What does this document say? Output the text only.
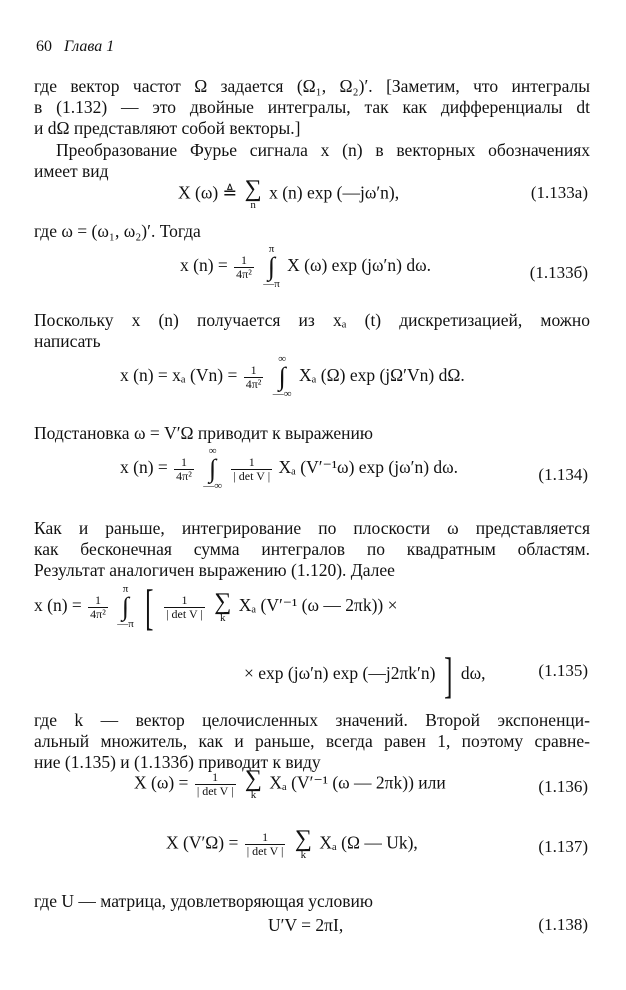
60 Глава 1
где вектор частот Ω задается (Ω₁, Ω₂)′. [Заметим, что интегралы
в (1.132) — это двойные интегралы, так как дифференциалы dt
и dΩ представляют собой векторы.]
Преобразование Фурье сигнала x (n) в векторных обозначениях
имеет вид
X (ω) ≜ ∑
n x (n) exp (—jω′n),	(1.133a)
где ω = (ω₁, ω₂)′. Тогда
x $(n) = \frac{1}{\text{4π²}}$
π
∫
—π X (ω) exp (jω′n) dω.	(1.133б)
Поскольку x (n) получается из xₐ (t) дискретизацией, можно
написать
x (n) = xₐ $(Vn) = \frac{1}{\text{4π²}}$
∞
∫
—∞ Xₐ (Ω) exp (jΩ′Vn) dΩ.
Подстановка ω = V′Ω приводит к выражению
x $(n) = \frac{1}{\text{4π²}}$
∞
∫
—∞
$\frac{1}{\text{| det V |}}$ Xₐ (V′⁻¹ω) exp (jω′n) dω.	(1.134)
Как и раньше, интегрирование по плоскости ω представляется
как бесконечная сумма интегралов по квадратным областям.
Результат аналогичен выражению (1.120). Далее
x $(n) = \frac{1}{\text{4π²}}$
π
∫
—π [ $\frac{1}{\text{| det V |}}$
∑
k Xₐ (V′⁻¹ (ω — 2πk)) ×
× exp (jω′n) exp (—j2πk′n) ] dω,	(1.135)
где k — вектор целочисленных значений. Второй экспоненци-
альный множитель, как и раньше, всегда равен 1, поэтому сравне-
ние (1.135) и (1.133б) приводит к виду
X $(\omega) = \frac{1}{\text{| det V |}}$
∑
k Xₐ (V′⁻¹ (ω — 2πk)) или	(1.136)
X $(V'\Omega) = \frac{1}{\text{| det V |}}$
∑
k Xₐ (Ω — Uk),	(1.137)
где U — матрица, удовлетворяющая условию
U′V = 2πI,	(1.138)
